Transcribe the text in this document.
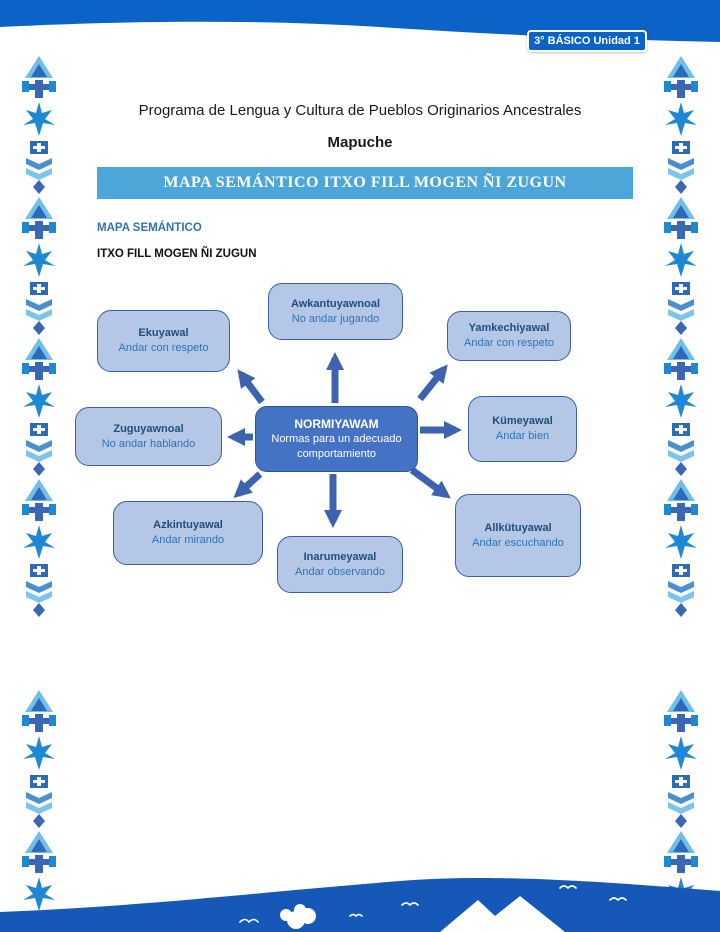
3° BÁSICO Unidad 1
Programa de Lengua y Cultura de Pueblos Originarios Ancestrales
Mapuche
MAPA SEMÁNTICO ITXO FILL MOGEN ÑI ZUGUN
MAPA SEMÁNTICO
ITXO FILL MOGEN ÑI ZUGUN
NORMIYAWAM
Normas para un adecuado comportamiento
Awkantuyawnoal
No andar jugando
Ekuyawal
Andar con respeto
Yamkechiyawal
Andar con respeto
Zuguyawnoal
No andar hablando
Kümeyawal
Andar bien
Azkintuyawal
Andar mirando
Inarumeyawal
Andar observando
Allkütuyawal
Andar escuchando
